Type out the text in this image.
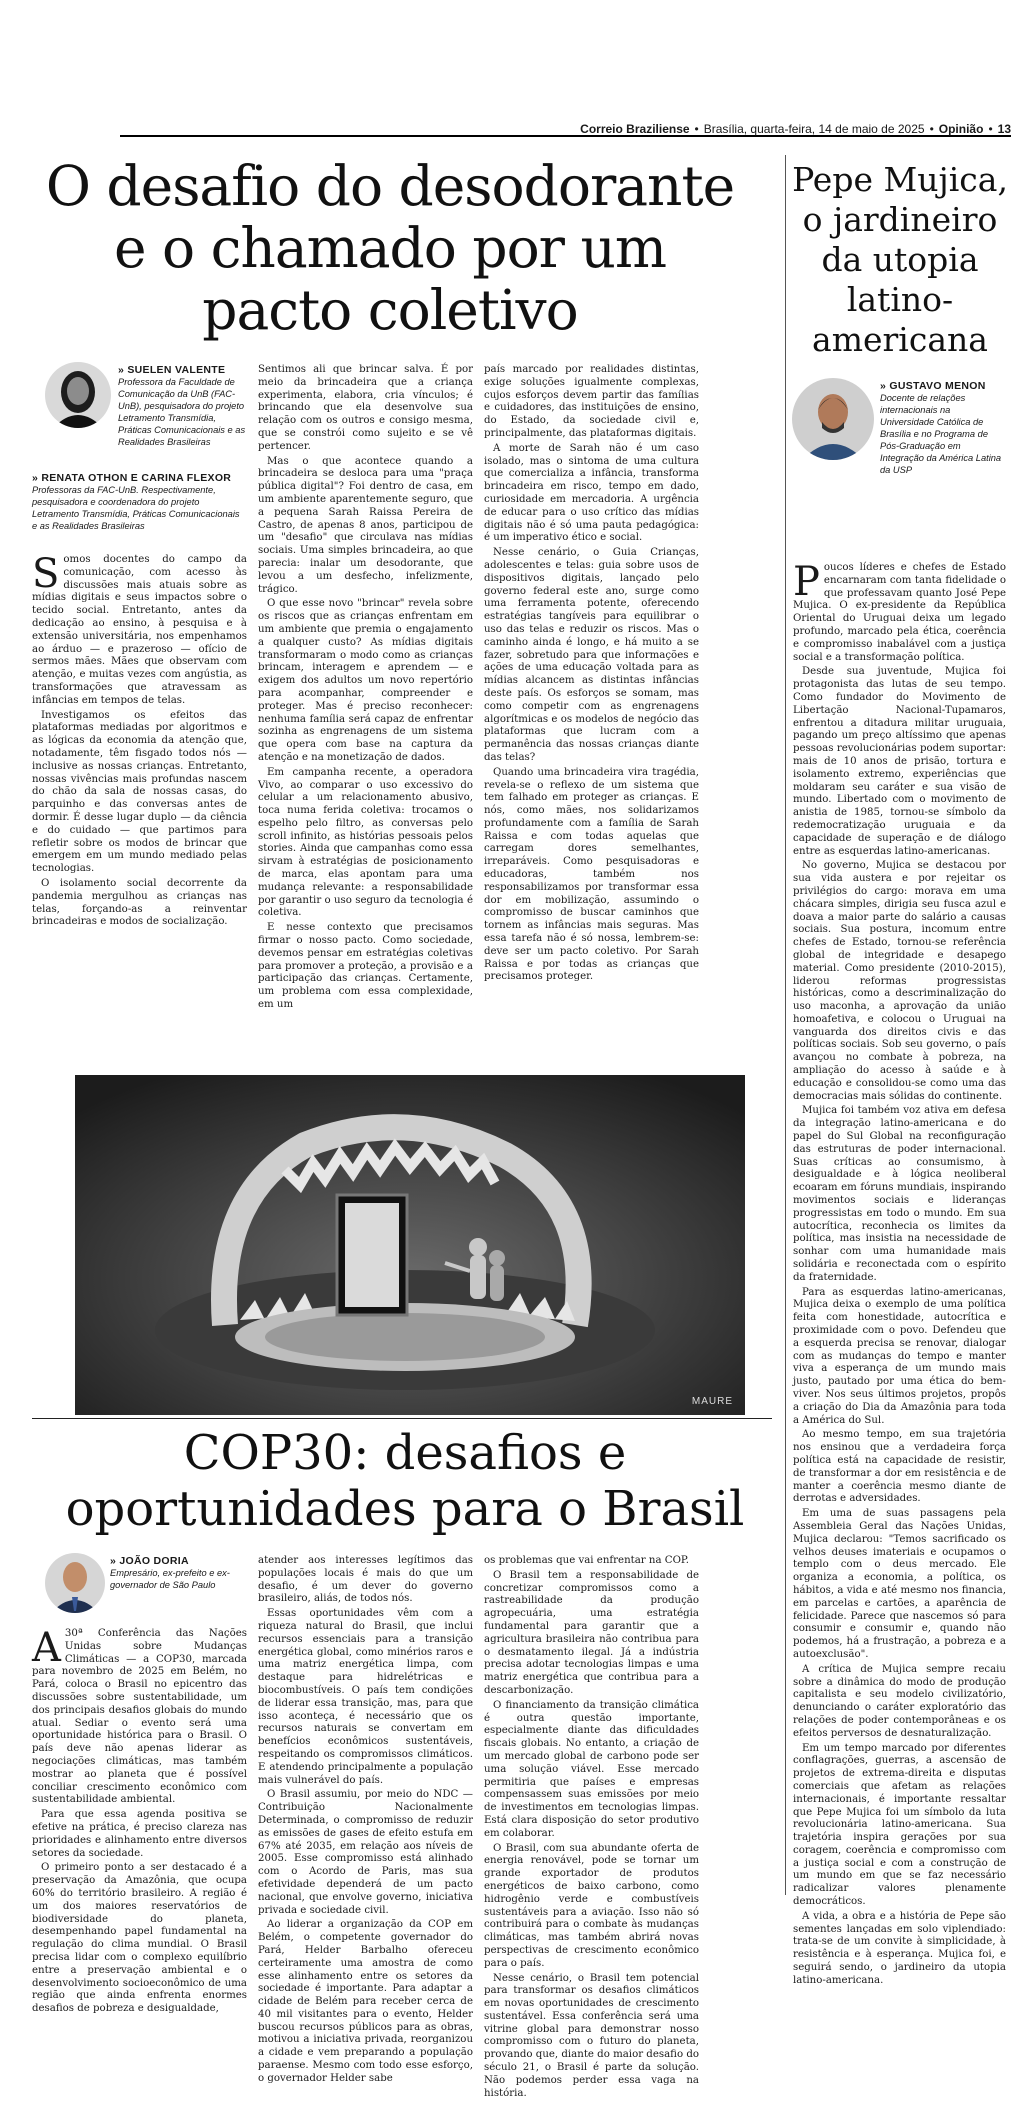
Correio Braziliense • Brasília, quarta-feira, 14 de maio de 2025 • Opinião • 13
O desafio do desodorante e o chamado por um pacto coletivo
» SUELEN VALENTE
Professora da Faculdade de Comunicação da UnB (FAC-UnB), pesquisadora do projeto Letramento Transmídia, Práticas Comunicacionais e as Realidades Brasileiras
» RENATA OTHON E CARINA FLEXOR
Professoras da FAC-UnB. Respectivamente, pesquisadora e coordenadora do projeto Letramento Transmídia, Práticas Comunicacionais e as Realidades Brasileiras

Somos docentes do campo da comunicação, com acesso às discussões mais atuais sobre as mídias digitais e seus impactos sobre o tecido social. Entretanto, antes da dedicação ao ensino, à pesquisa e à extensão universitária, nos empenhamos ao árduo — e prazeroso — ofício de sermos mães. Mães que observam com atenção, e muitas vezes com angústia, as transformações que atravessam as infâncias em tempos de telas.

Investigamos os efeitos das plataformas mediadas por algoritmos e as lógicas da economia da atenção que, notadamente, têm fisgado todos nós — inclusive as nossas crianças. Entretanto, nossas vivências mais profundas nascem do chão da sala de nossas casas, do parquinho e das conversas antes de dormir. É desse lugar duplo — da ciência e do cuidado — que partimos para refletir sobre os modos de brincar que emergem em um mundo mediado pelas tecnologias.

O isolamento social decorrente da pandemia mergulhou as crianças nas telas, forçando-as a reinventar brincadeiras e modos de socialização.

Sentimos ali que brincar salva. É por meio da brincadeira que a criança experimenta, elabora, cria vínculos; é brincando que ela desenvolve sua relação com os outros e consigo mesma, que se constrói como sujeito e se vê pertencer.

Mas o que acontece quando a brincadeira se desloca para uma "praça pública digital"? Foi dentro de casa, em um ambiente aparentemente seguro, que a pequena Sarah Raissa Pereira de Castro, de apenas 8 anos, participou de um "desafio" que circulava nas mídias sociais. Uma simples brincadeira, ao que parecia: inalar um desodorante, que levou a um desfecho, infelizmente, trágico.

O que esse novo "brincar" revela sobre os riscos que as crianças enfrentam em um ambiente que premia o engajamento a qualquer custo? As mídias digitais transformaram o modo como as crianças brincam, interagem e aprendem — e exigem dos adultos um novo repertório para acompanhar, compreender e proteger. Mas é preciso reconhecer: nenhuma família será capaz de enfrentar sozinha as engrenagens de um sistema que opera com base na captura da atenção e na monetização de dados.

Em campanha recente, a operadora Vivo, ao comparar o uso excessivo do celular a um relacionamento abusivo, toca numa ferida coletiva: trocamos o espelho pelo filtro, as conversas pelo scroll infinito, as histórias pessoais pelos stories. Ainda que campanhas como essa sirvam à estratégias de posicionamento de marca, elas apontam para uma mudança relevante: a responsabilidade por garantir o uso seguro da tecnologia é coletiva.

E nesse contexto que precisamos firmar o nosso pacto. Como sociedade, devemos pensar em estratégias coletivas para promover a proteção, a provisão e a participação das crianças. Certamente, um problema com essa complexidade, em um

país marcado por realidades distintas, exige soluções igualmente complexas, cujos esforços devem partir das famílias e cuidadores, das instituições de ensino, do Estado, da sociedade civil e, principalmente, das plataformas digitais.

A morte de Sarah não é um caso isolado, mas o sintoma de uma cultura que comercializa a infância, transforma brincadeira em risco, tempo em dado, curiosidade em mercadoria. A urgência de educar para o uso crítico das mídias digitais não é só uma pauta pedagógica: é um imperativo ético e social.

Nesse cenário, o Guia Crianças, adolescentes e telas: guia sobre usos de dispositivos digitais, lançado pelo governo federal este ano, surge como uma ferramenta potente, oferecendo estratégias tangíveis para equilibrar o uso das telas e reduzir os riscos. Mas o caminho ainda é longo, e há muito a se fazer, sobretudo para que informações e ações de uma educação voltada para as mídias alcancem as distintas infâncias deste país. Os esforços se somam, mas como competir com as engrenagens algorítmicas e os modelos de negócio das plataformas que lucram com a permanência das nossas crianças diante das telas?

Quando uma brincadeira vira tragédia, revela-se o reflexo de um sistema que tem falhado em proteger as crianças. E nós, como mães, nos solidarizamos profundamente com a família de Sarah Raissa e com todas aquelas que carregam dores semelhantes, irreparáveis. Como pesquisadoras e educadoras, também nos responsabilizamos por transformar essa dor em mobilização, assumindo o compromisso de buscar caminhos que tornem as infâncias mais seguras. Mas essa tarefa não é só nossa, lembrem-se: deve ser um pacto coletivo. Por Sarah Raissa e por todas as crianças que precisamos proteger.

Pepe Mujica, o jardineiro da utopia latino-americana
» GUSTAVO MENON
Docente de relações internacionais na Universidade Católica de Brasília e no Programa de Pós-Graduação em Integração da América Latina da USP

Poucos líderes e chefes de Estado encarnaram com tanta fidelidade o que professavam quanto José Pepe Mujica. O ex-presidente da República Oriental do Uruguai deixa um legado profundo, marcado pela ética, coerência e compromisso inabalável com a justiça social e a transformação política.

Desde sua juventude, Mujica foi protagonista das lutas de seu tempo. Como fundador do Movimento de Libertação Nacional-Tupamaros, enfrentou a ditadura militar uruguaia, pagando um preço altíssimo que apenas pessoas revolucionárias podem suportar: mais de 10 anos de prisão, tortura e isolamento extremo, experiências que moldaram seu caráter e sua visão de mundo. Libertado com o movimento de anistia de 1985, tornou-se símbolo da redemocratização uruguaia e da capacidade de superação e de diálogo entre as esquerdas latino-americanas.

No governo, Mujica se destacou por sua vida austera e por rejeitar os privilégios do cargo: morava em uma chácara simples, dirigia seu fusca azul e doava a maior parte do salário a causas sociais. Sua postura, incomum entre chefes de Estado, tornou-se referência global de integridade e desapego material. Como presidente (2010-2015), liderou reformas progressistas históricas, como a descriminalização do uso maconha, a aprovação da união homoafetiva, e colocou o Uruguai na vanguarda dos direitos civis e das políticas sociais. Sob seu governo, o país avançou no combate à pobreza, na ampliação do acesso à saúde e à educação e consolidou-se como uma das democracias mais sólidas do continente.

Mujica foi também voz ativa em defesa da integração latino-americana e do papel do Sul Global na reconfiguração das estruturas de poder internacional. Suas críticas ao consumismo, à desigualdade e à lógica neoliberal ecoaram em fóruns mundiais, inspirando movimentos sociais e lideranças progressistas em todo o mundo. Em sua autocrítica, reconhecia os limites da política, mas insistia na necessidade de sonhar com uma humanidade mais solidária e reconectada com o espírito da fraternidade.

Para as esquerdas latino-americanas, Mujica deixa o exemplo de uma política feita com honestidade, autocrítica e proximidade com o povo. Defendeu que a esquerda precisa se renovar, dialogar com as mudanças do tempo e manter viva a esperança de um mundo mais justo, pautado por uma ética do bem-viver. Nos seus últimos projetos, propôs a criação do Dia da Amazônia para toda a América do Sul.

Ao mesmo tempo, em sua trajetória nos ensinou que a verdadeira força política está na capacidade de resistir, de transformar a dor em resistência e de manter a coerência mesmo diante de derrotas e adversidades.

Em uma de suas passagens pela Assembleia Geral das Nações Unidas, Mujica declarou: "Temos sacrificado os velhos deuses imateriais e ocupamos o templo com o deus mercado. Ele organiza a economia, a política, os hábitos, a vida e até mesmo nos financia, em parcelas e cartões, a aparência de felicidade. Parece que nascemos só para consumir e consumir e, quando não podemos, há a frustração, a pobreza e a autoexclusão".

A crítica de Mujica sempre recaiu sobre a dinâmica do modo de produção capitalista e seu modelo civilizatório, denunciando o caráter exploratório das relações de poder contemporâneas e os efeitos perversos de desnaturalização.

Em um tempo marcado por diferentes conflagrações, guerras, a ascensão de projetos de extrema-direita e disputas comerciais que afetam as relações internacionais, é importante ressaltar que Pepe Mujica foi um símbolo da luta revolucionária latino-americana. Sua trajetória inspira gerações por sua coragem, coerência e compromisso com a justiça social e com a construção de um mundo em que se faz necessário radicalizar valores plenamente democráticos.

A vida, a obra e a história de Pepe são sementes lançadas em solo viplendiado: trata-se de um convite à simplicidade, à resistência e à esperança. Mujica foi, e seguirá sendo, o jardineiro da utopia latino-americana.

MAURE
COP30: desafios e oportunidades para o Brasil
» JOÃO DORIA
Empresário, ex-prefeito e ex-governador de São Paulo

A 30ª Conferência das Nações Unidas sobre Mudanças Climáticas — a COP30, marcada para novembro de 2025 em Belém, no Pará, coloca o Brasil no epicentro das discussões sobre sustentabilidade, um dos principais desafios globais do mundo atual. Sediar o evento será uma oportunidade histórica para o Brasil. O país deve não apenas liderar as negociações climáticas, mas também mostrar ao planeta que é possível conciliar crescimento econômico com sustentabilidade ambiental.

Para que essa agenda positiva se efetive na prática, é preciso clareza nas prioridades e alinhamento entre diversos setores da sociedade.

O primeiro ponto a ser destacado é a preservação da Amazônia, que ocupa 60% do território brasileiro. A região é um dos maiores reservatórios de biodiversidade do planeta, desempenhando papel fundamental na regulação do clima mundial. O Brasil precisa lidar com o complexo equilíbrio entre a preservação ambiental e o desenvolvimento socioeconômico de uma região que ainda enfrenta enormes desafios de pobreza e desigualdade,

atender aos interesses legítimos das populações locais é mais do que um desafio, é um dever do governo brasileiro, aliás, de todos nós.

Essas oportunidades vêm com a riqueza natural do Brasil, que inclui recursos essenciais para a transição energética global, como minérios raros e uma matriz energética limpa, com destaque para hidrelétricas e biocombustíveis. O país tem condições de liderar essa transição, mas, para que isso aconteça, é necessário que os recursos naturais se convertam em benefícios econômicos sustentáveis, respeitando os compromissos climáticos. E atendendo principalmente a população mais vulnerável do país.

O Brasil assumiu, por meio do NDC — Contribuição Nacionalmente Determinada, o compromisso de reduzir as emissões de gases de efeito estufa em 67% até 2035, em relação aos níveis de 2005. Esse compromisso está alinhado com o Acordo de Paris, mas sua efetividade dependerá de um pacto nacional, que envolve governo, iniciativa privada e sociedade civil.

Ao liderar a organização da COP em Belém, o competente governador do Pará, Helder Barbalho ofereceu certeiramente uma amostra de como esse alinhamento entre os setores da sociedade é importante. Para adaptar a cidade de Belém para receber cerca de 40 mil visitantes para o evento, Helder buscou recursos públicos para as obras, motivou a iniciativa privada, reorganizou a cidade e vem preparando a população paraense. Mesmo com todo esse esforço, o governador Helder sabe

os problemas que vai enfrentar na COP.

O Brasil tem a responsabilidade de concretizar compromissos como a rastreabilidade da produção agropecuária, uma estratégia fundamental para garantir que a agricultura brasileira não contribua para o desmatamento ilegal. Já a indústria precisa adotar tecnologias limpas e uma matriz energética que contribua para a descarbonização.

O financiamento da transição climática é outra questão importante, especialmente diante das dificuldades fiscais globais. No entanto, a criação de um mercado global de carbono pode ser uma solução viável. Esse mercado permitiria que países e empresas compensassem suas emissões por meio de investimentos em tecnologias limpas. Está clara disposição do setor produtivo em colaborar.

O Brasil, com sua abundante oferta de energia renovável, pode se tornar um grande exportador de produtos energéticos de baixo carbono, como hidrogênio verde e combustíveis sustentáveis para a aviação. Isso não só contribuirá para o combate às mudanças climáticas, mas também abrirá novas perspectivas de crescimento econômico para o país.

Nesse cenário, o Brasil tem potencial para transformar os desafios climáticos em novas oportunidades de crescimento sustentável. Essa conferência será uma vitrine global para demonstrar nosso compromisso com o futuro do planeta, provando que, diante do maior desafio do século 21, o Brasil é parte da solução. Não podemos perder essa vaga na história.
